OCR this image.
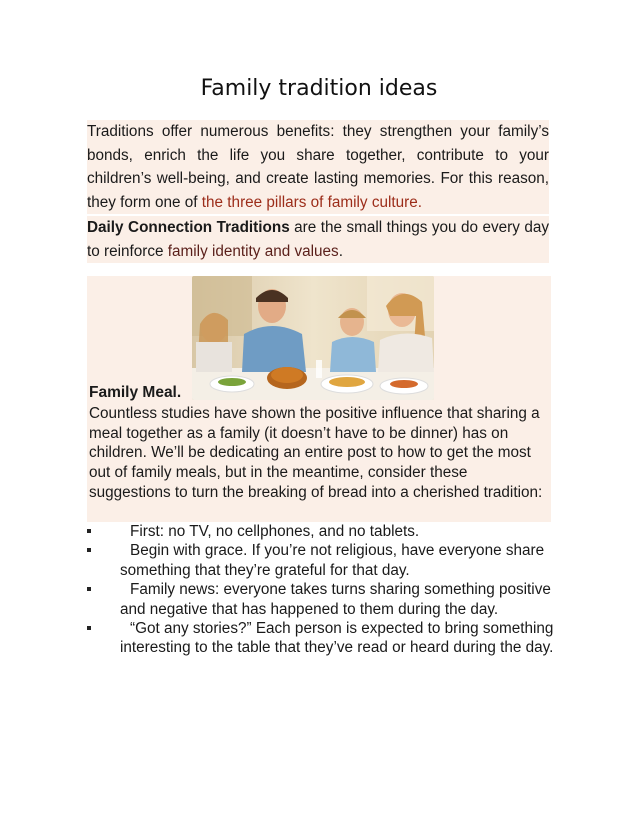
Family tradition ideas

Traditions offer numerous benefits: they strengthen your family’s bonds, enrich the life you share together, contribute to your children’s well-being, and create lasting memories. For this reason, they form one of the three pillars of family culture.

Daily Connection Traditions are the small things you do every day to reinforce family identity and values.

Family Meal.

Countless studies have shown the positive influence that sharing a meal together as a family (it doesn’t have to be dinner) has on children. We’ll be dedicating an entire post to how to get the most out of family meals, but in the meantime, consider these suggestions to turn the breaking of bread into a cherished tradition:

First: no TV, no cellphones, and no tablets.
Begin with grace. If you’re not religious, have everyone share something that they’re grateful for that day.
Family news: everyone takes turns sharing something positive and negative that has happened to them during the day.
“Got any stories?” Each person is expected to bring something interesting to the table that they’ve read or heard during the day.
